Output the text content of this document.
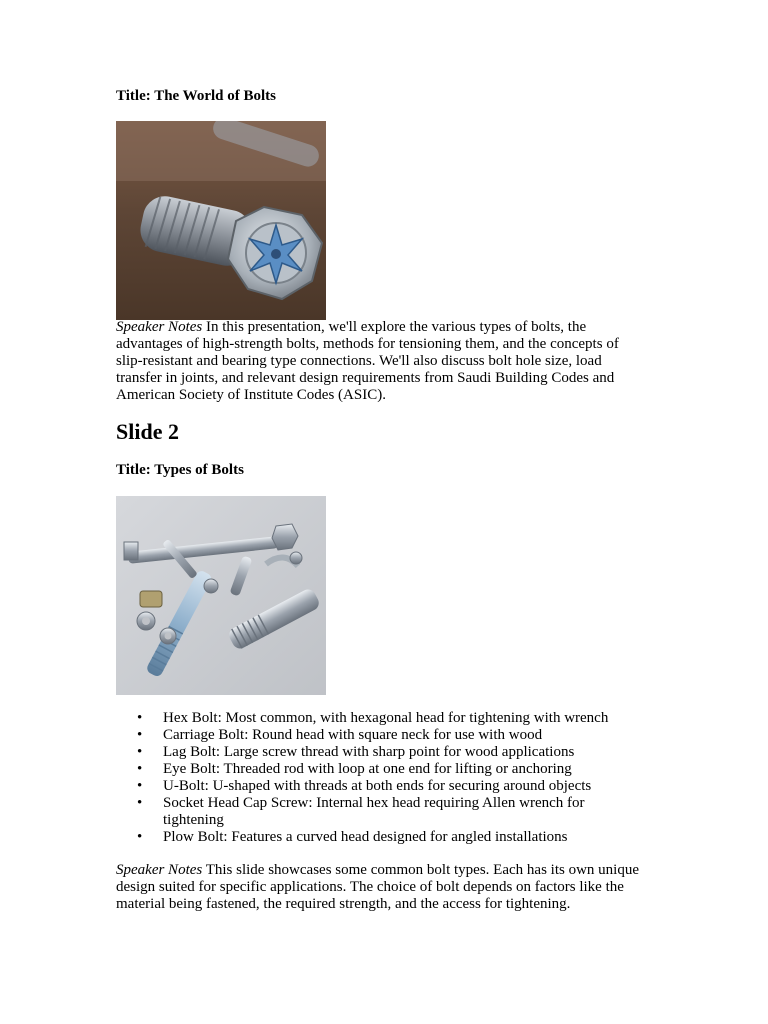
Title: The World of Bolts

Speaker Notes In this presentation, we'll explore the various types of bolts, the advantages of high-strength bolts, methods for tensioning them, and the concepts of slip-resistant and bearing type connections. We'll also discuss bolt hole size, load transfer in joints, and relevant design requirements from Saudi Building Codes and American Society of Institute Codes (ASIC).

Slide 2

Title: Types of Bolts

• Hex Bolt: Most common, with hexagonal head for tightening with wrench
• Carriage Bolt: Round head with square neck for use with wood
• Lag Bolt: Large screw thread with sharp point for wood applications
• Eye Bolt: Threaded rod with loop at one end for lifting or anchoring
• U-Bolt: U-shaped with threads at both ends for securing around objects
• Socket Head Cap Screw: Internal hex head requiring Allen wrench for tightening
• Plow Bolt: Features a curved head designed for angled installations

Speaker Notes This slide showcases some common bolt types. Each has its own unique design suited for specific applications. The choice of bolt depends on factors like the material being fastened, the required strength, and the access for tightening.
